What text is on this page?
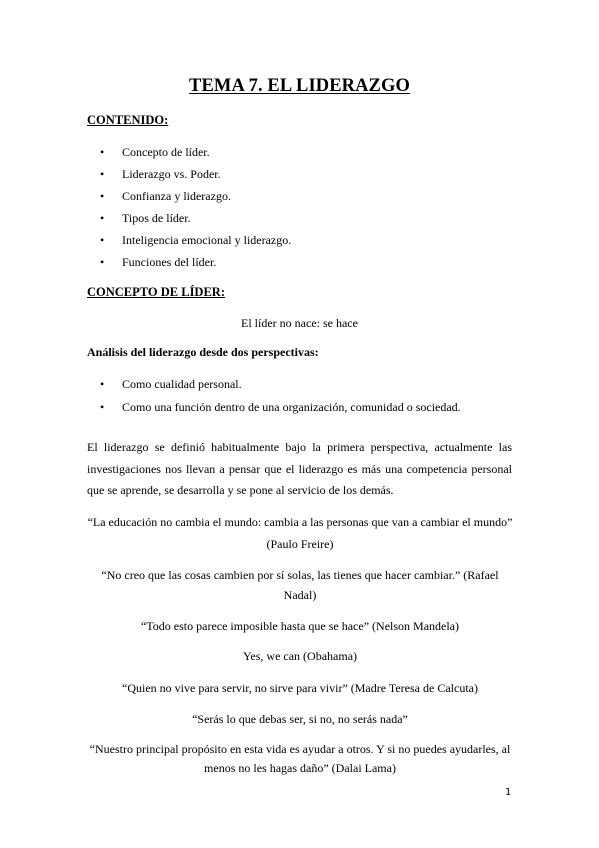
TEMA 7. EL LIDERAZGO
CONTENIDO:
• Concepto de líder.
• Liderazgo vs. Poder.
• Confianza y liderazgo.
• Tipos de líder.
• Inteligencia emocional y liderazgo.
• Funciones del líder.
CONCEPTO DE LÍDER:

El líder no nace: se hace

Análisis del liderazgo desde dos perspectivas:

• Como cualidad personal.
• Como una función dentro de una organización, comunidad o sociedad.

El liderazgo se definió habitualmente bajo la primera perspectiva, actualmente las investigaciones nos llevan a pensar que el liderazgo es más una competencia personal que se aprende, se desarrolla y se pone al servicio de los demás.

“La educación no cambia el mundo: cambia a las personas que van a cambiar el mundo”
(Paulo Freire)
“No creo que las cosas cambien por sí solas, las tienes que hacer cambiar.” (Rafael
Nadal)
“Todo esto parece imposible hasta que se hace” (Nelson Mandela)
Yes, we can (Obahama)
“Quien no vive para servir, no sirve para vivir” (Madre Teresa de Calcuta)
“Serás lo que debas ser, si no, no serás nada”
“Nuestro principal propósito en esta vida es ayudar a otros. Y si no puedes ayudarles, al
menos no les hagas daño” (Dalai Lama)

1
